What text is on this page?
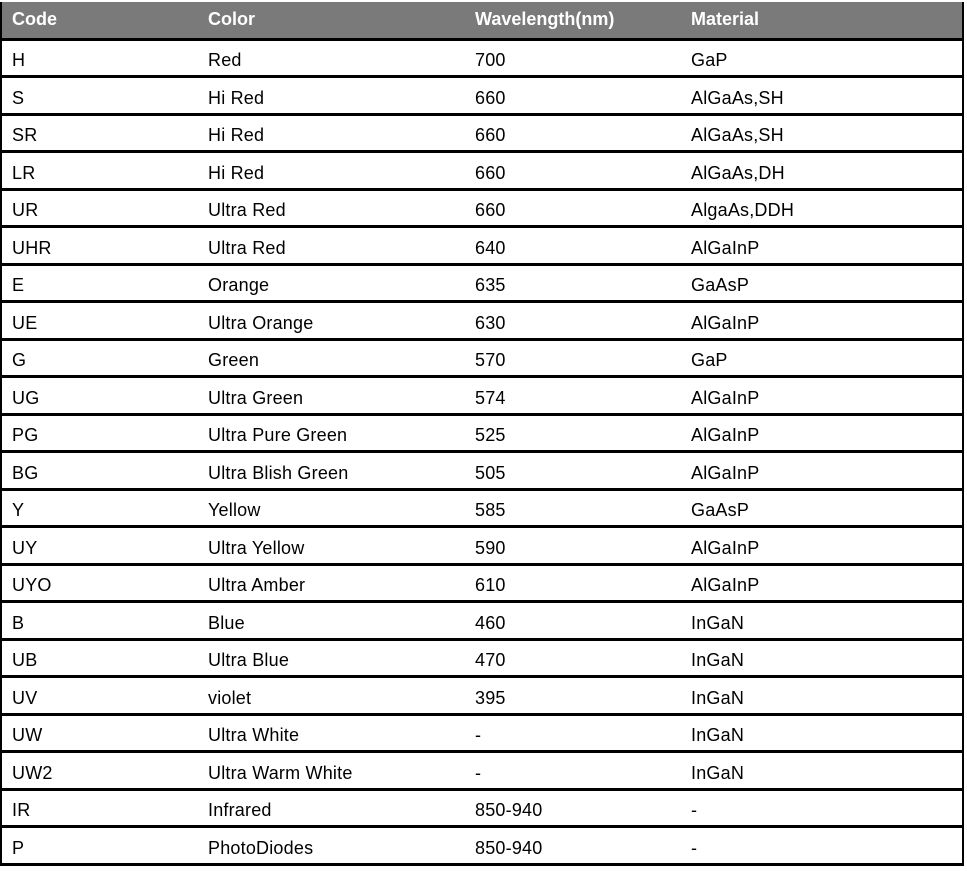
Code	Color	Wavelength(nm)	Material
H	Red	700	GaP
S	Hi Red	660	AlGaAs,SH
SR	Hi Red	660	AlGaAs,SH
LR	Hi Red	660	AlGaAs,DH
UR	Ultra Red	660	AlgaAs,DDH
UHR	Ultra Red	640	AlGaInP
E	Orange	635	GaAsP
UE	Ultra Orange	630	AlGaInP
G	Green	570	GaP
UG	Ultra Green	574	AlGaInP
PG	Ultra Pure Green	525	AlGaInP
BG	Ultra Blish Green	505	AlGaInP
Y	Yellow	585	GaAsP
UY	Ultra Yellow	590	AlGaInP
UYO	Ultra Amber	610	AlGaInP
B	Blue	460	InGaN
UB	Ultra Blue	470	InGaN
UV	violet	395	InGaN
UW	Ultra White	-	InGaN
UW2	Ultra Warm White	-	InGaN
IR	Infrared	850-940	-
P	PhotoDiodes	850-940	-
